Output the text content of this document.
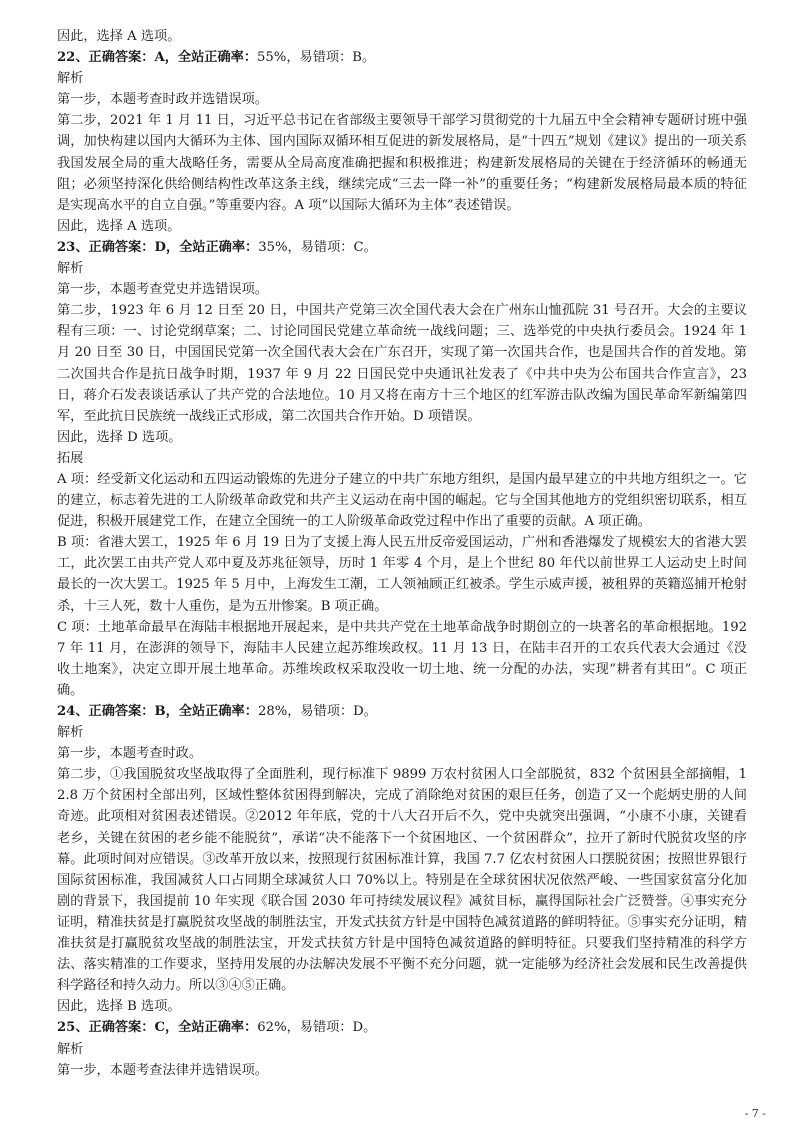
因此，选择 A 选项。
22、正确答案：A，全站正确率：55%，易错项：B。
解析
第一步，本题考查时政并选错误项。

第二步，2021 年 1 月 11 日，习近平总书记在省部级主要领导干部学习贯彻党的十九届五中全会精神专题研讨班中强调，加快构建以国内大循环为主体、国内国际双循环相互促进的新发展格局，是“十四五”规划《建议》提出的一项关系我国发展全局的重大战略任务，需要从全局高度准确把握和积极推进；构建新发展格局的关键在于经济循环的畅通无阻；必须坚持深化供给侧结构性改革这条主线，继续完成“三去一降一补”的重要任务；“构建新发展格局最本质的特征是实现高水平的自立自强。”等重要内容。A 项“以国际大循环为主体”表述错误。

因此，选择 A 选项。
23、正确答案：D，全站正确率：35%，易错项：C。
解析
第一步，本题考查党史并选错误项。

第二步，1923 年 6 月 12 日至 20 日，中国共产党第三次全国代表大会在广州东山恤孤院 31 号召开。大会的主要议程有三项：一、讨论党纲草案；二、讨论同国民党建立革命统一战线问题；三、选举党的中央执行委员会。1924 年 1 月 20 日至 30 日，中国国民党第一次全国代表大会在广东召开，实现了第一次国共合作，也是国共合作的首发地。第二次国共合作是抗日战争时期，1937 年 9 月 22 日国民党中央通讯社发表了《中共中央为公布国共合作宣言》，23 日，蒋介石发表谈话承认了共产党的合法地位。10 月又将在南方十三个地区的红军游击队改编为国民革命军新编第四军，至此抗日民族统一战线正式形成，第二次国共合作开始。D 项错误。

因此，选择 D 选项。
拓展

A 项：经受新文化运动和五四运动锻炼的先进分子建立的中共广东地方组织，是国内最早建立的中共地方组织之一。它的建立，标志着先进的工人阶级革命政党和共产主义运动在南中国的崛起。它与全国其他地方的党组织密切联系，相互促进，积极开展建党工作，在建立全国统一的工人阶级革命政党过程中作出了重要的贡献。A 项正确。

B 项：省港大罢工，1925 年 6 月 19 日为了支援上海人民五卅反帝爱国运动，广州和香港爆发了规模宏大的省港大罢工，此次罢工由共产党人邓中夏及苏兆征领导，历时 1 年零 4 个月，是上个世纪 80 年代以前世界工人运动史上时间最长的一次大罢工。1925 年 5 月中，上海发生工潮，工人领袖顾正红被杀。学生示威声援，被租界的英籍巡捕开枪射杀，十三人死，数十人重伤，是为五卅惨案。B 项正确。

C 项：土地革命最早在海陆丰根据地开展起来，是中共共产党在土地革命战争时期创立的一块著名的革命根据地。1927 年 11 月，在澎湃的领导下，海陆丰人民建立起苏维埃政权。11 月 13 日，在陆丰召开的工农兵代表大会通过《没收土地案》，决定立即开展土地革命。苏维埃政权采取没收一切土地、统一分配的办法，实现“耕者有其田”。C 项正确。

24、正确答案：B，全站正确率：28%，易错项：D。
解析
第一步，本题考查时政。

第二步，①我国脱贫攻坚战取得了全面胜利，现行标准下 9899 万农村贫困人口全部脱贫，832 个贫困县全部摘帽，12.8 万个贫困村全部出列，区域性整体贫困得到解决，完成了消除绝对贫困的艰巨任务，创造了又一个彪炳史册的人间奇迹。此项相对贫困表述错误。②2012 年年底，党的十八大召开后不久，党中央就突出强调，“小康不小康，关键看老乡，关键在贫困的老乡能不能脱贫”，承诺“决不能落下一个贫困地区、一个贫困群众”，拉开了新时代脱贫攻坚的序幕。此项时间对应错误。③改革开放以来，按照现行贫困标准计算，我国 7.7 亿农村贫困人口摆脱贫困；按照世界银行国际贫困标准，我国减贫人口占同期全球减贫人口 70%以上。特别是在全球贫困状况依然严峻、一些国家贫富分化加剧的背景下，我国提前 10 年实现《联合国 2030 年可持续发展议程》减贫目标，赢得国际社会广泛赞誉。④事实充分证明，精准扶贫是打赢脱贫攻坚战的制胜法宝，开发式扶贫方针是中国特色减贫道路的鲜明特征。⑤事实充分证明，精准扶贫是打赢脱贫攻坚战的制胜法宝，开发式扶贫方针是中国特色减贫道路的鲜明特征。只要我们坚持精准的科学方法、落实精准的工作要求，坚持用发展的办法解决发展不平衡不充分问题，就一定能够为经济社会发展和民生改善提供科学路径和持久动力。所以③④⑤正确。

因此，选择 B 选项。
25、正确答案：C，全站正确率：62%，易错项：D。
解析
第一步，本题考查法律并选错误项。
- 7 -
